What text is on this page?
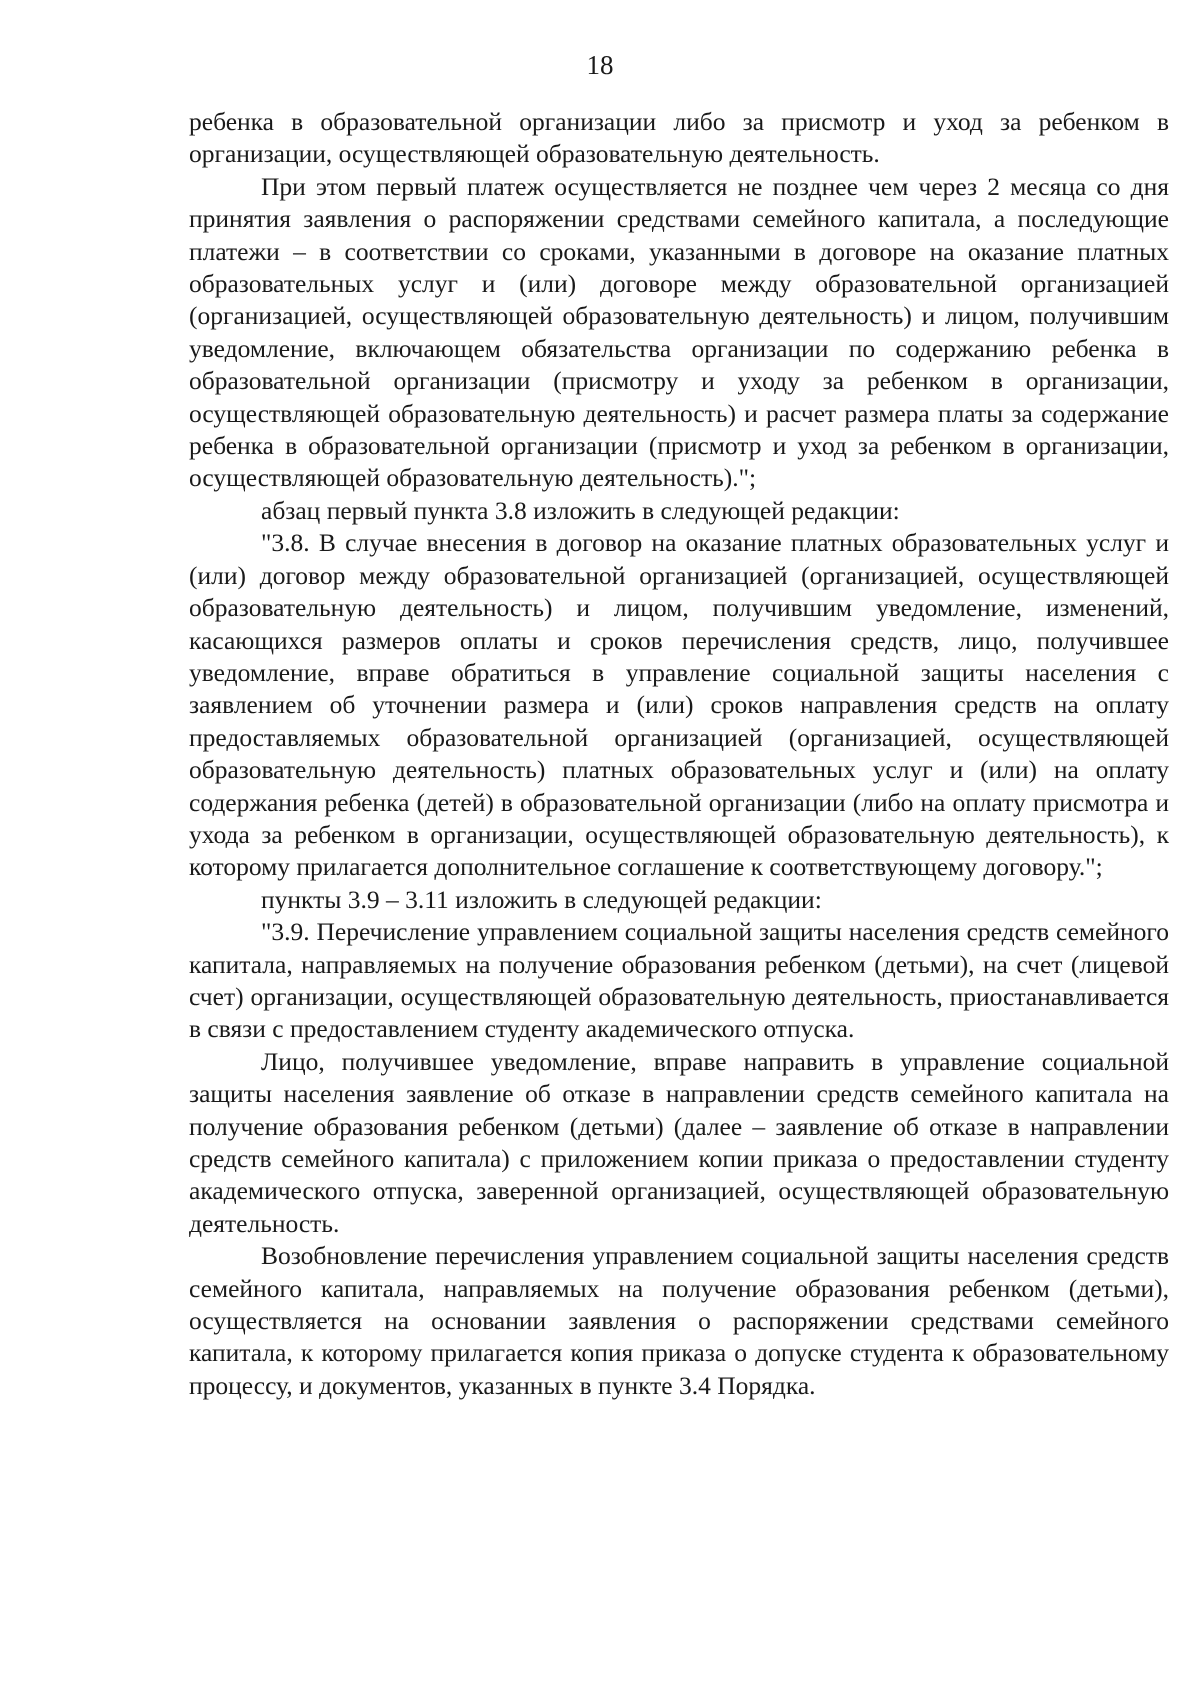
18

ребенка в образовательной организации либо за присмотр и уход за ребенком в организации, осуществляющей образовательную деятельность.

При этом первый платеж осуществляется не позднее чем через 2 месяца со дня принятия заявления о распоряжении средствами семейного капитала, а последующие платежи – в соответствии со сроками, указанными в договоре на оказание платных образовательных услуг и (или) договоре между образовательной организацией (организацией, осуществляющей образовательную деятельность) и лицом, получившим уведомление, включающем обязательства организации по содержанию ребенка в образовательной организации (присмотру и уходу за ребенком в организации, осуществляющей образовательную деятельность) и расчет размера платы за содержание ребенка в образовательной организации (присмотр и уход за ребенком в организации, осуществляющей образовательную деятельность).";

абзац первый пункта 3.8 изложить в следующей редакции:

"3.8. В случае внесения в договор на оказание платных образовательных услуг и (или) договор между образовательной организацией (организацией, осуществляющей образовательную деятельность) и лицом, получившим уведомление, изменений, касающихся размеров оплаты и сроков перечисления средств, лицо, получившее уведомление, вправе обратиться в управление социальной защиты населения с заявлением об уточнении размера и (или) сроков направления средств на оплату предоставляемых образовательной организацией (организацией, осуществляющей образовательную деятельность) платных образовательных услуг и (или) на оплату содержания ребенка (детей) в образовательной организации (либо на оплату присмотра и ухода за ребенком в организации, осуществляющей образовательную деятельность), к которому прилагается дополнительное соглашение к соответствующему договору.";

пункты 3.9 – 3.11 изложить в следующей редакции:

"3.9. Перечисление управлением социальной защиты населения средств семейного капитала, направляемых на получение образования ребенком (детьми), на счет (лицевой счет) организации, осуществляющей образовательную деятельность, приостанавливается в связи с предоставлением студенту академического отпуска.

Лицо, получившее уведомление, вправе направить в управление социальной защиты населения заявление об отказе в направлении средств семейного капитала на получение образования ребенком (детьми) (далее – заявление об отказе в направлении средств семейного капитала) с приложением копии приказа о предоставлении студенту академического отпуска, заверенной организацией, осуществляющей образовательную деятельность.

Возобновление перечисления управлением социальной защиты населения средств семейного капитала, направляемых на получение образования ребенком (детьми), осуществляется на основании заявления о распоряжении средствами семейного капитала, к которому прилагается копия приказа о допуске студента к образовательному процессу, и документов, указанных в пункте 3.4 Порядка.
